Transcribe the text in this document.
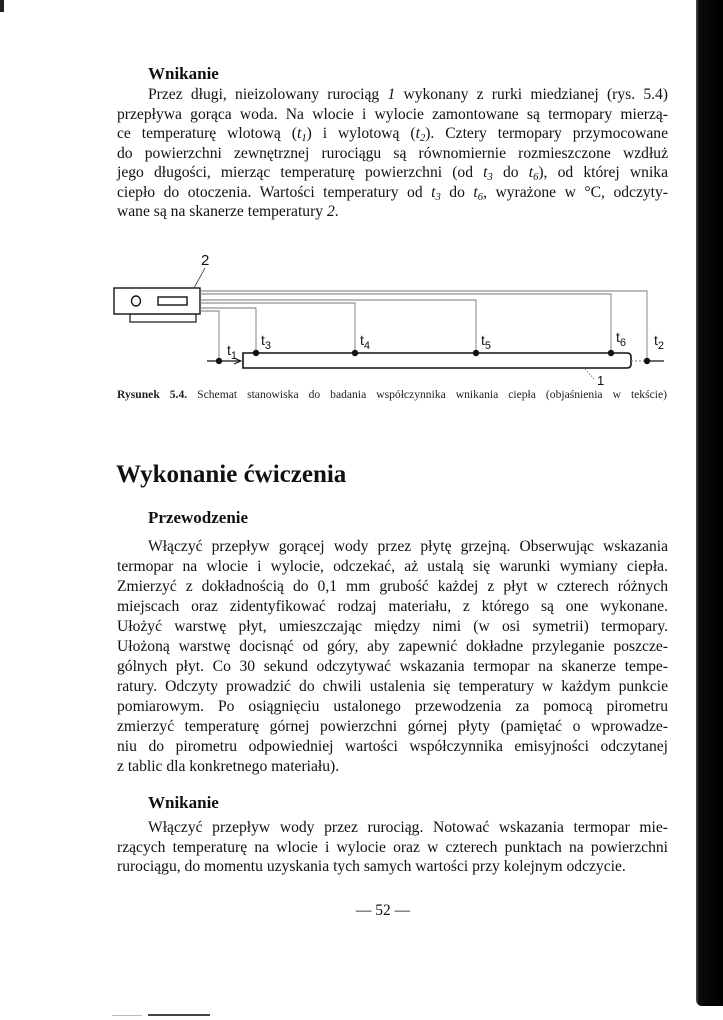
Wnikanie
Przez długi, nieizolowany rurociąg 1 wykonany z rurki miedzianej (rys. 5.4)
przepływa gorąca woda. Na wlocie i wylocie zamontowane są termopary mierzą-
ce temperaturę wlotową $(t_1)$ i wylotową $(t_2)$. Cztery termopary przymocowane
do powierzchni zewnętrznej rurociągu są równomiernie rozmieszczone wzdłuż
jego długości, mierząc temperaturę powierzchni (od $t_3$ do $t_6$), od której wnika
ciepło do otoczenia. Wartości temperatury od $t_3$ do $t_6$, wyrażone w °C, odczyty-
wane są na skanerze temperatury 2.
2
$t_1$
$t_3$	$t_4$	$t_5$
$t_6$ $t_2$
1
Rysunek 5.4. Schemat stanowiska do badania współczynnika wnikania ciepła (objaśnienia w tekście)
Wykonanie ćwiczenia
Przewodzenie
Włączyć przepływ gorącej wody przez płytę grzejną. Obserwując wskazania
termopar na wlocie i wylocie, odczekać, aż ustalą się warunki wymiany ciepła.
Zmierzyć z dokładnością do 0,1 mm grubość każdej z płyt w czterech różnych
miejscach oraz zidentyfikować rodzaj materiału, z którego są one wykonane.
Ułożyć warstwę płyt, umieszczając między nimi (w osi symetrii) termopary.
Ułożoną warstwę docisnąć od góry, aby zapewnić dokładne przyleganie poszcze-
gólnych płyt. Co 30 sekund odczytywać wskazania termopar na skanerze tempe-
ratury. Odczyty prowadzić do chwili ustalenia się temperatury w każdym punkcie
pomiarowym. Po osiągnięciu ustalonego przewodzenia za pomocą pirometru
zmierzyć temperaturę górnej powierzchni górnej płyty (pamiętać o wprowadze-
niu do pirometru odpowiedniej wartości współczynnika emisyjności odczytanej
z tablic dla konkretnego materiału).
Wnikanie
Włączyć przepływ wody przez rurociąg. Notować wskazania termopar mie-
rzących temperaturę na wlocie i wylocie oraz w czterech punktach na powierzchni
rurociągu, do momentu uzyskania tych samych wartości przy kolejnym odczycie.
— 52 —
